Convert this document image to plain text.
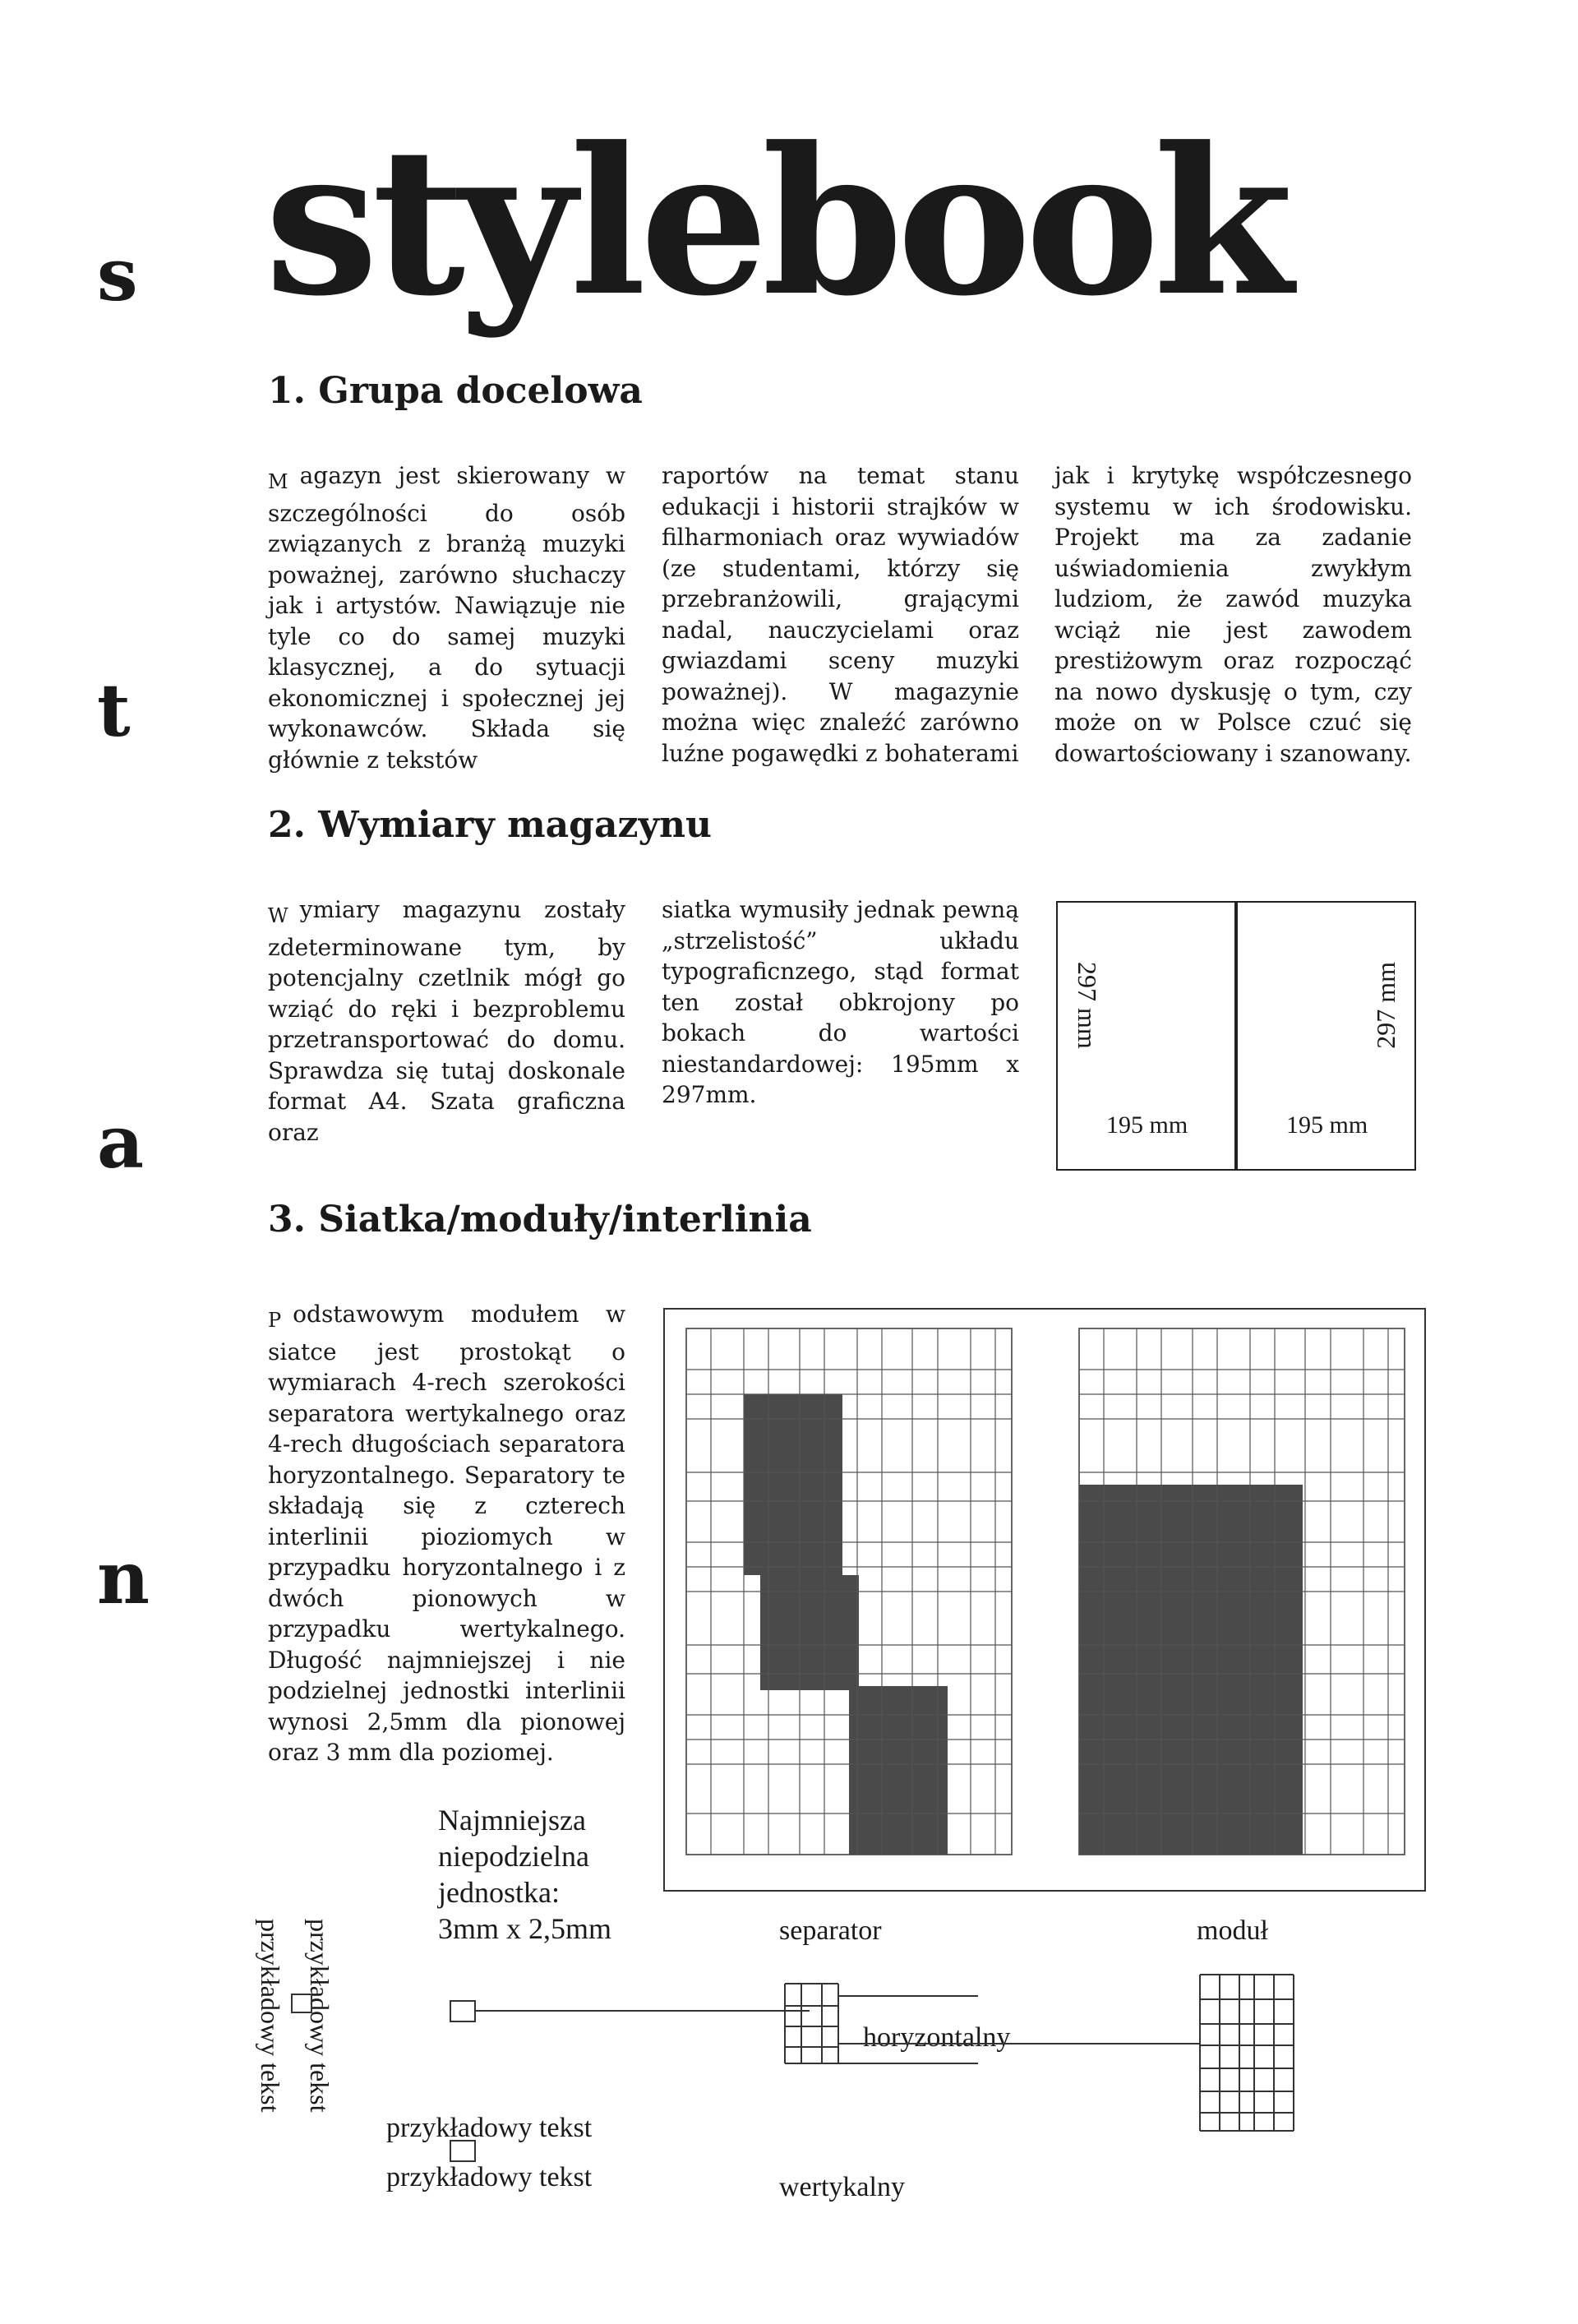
s
t
a
n
stylebook
1. Grupa docelowa
M agazyn jest skierowany w szczególności do osób związanych z branżą muzyki poważnej, zarówno słuchaczy jak i artystów. Nawiązuje nie tyle co do samej muzyki klasycznej, a do sytuacji ekonomicznej i społecznej jej wykonawców. Składa się głównie z tekstów
raportów na temat stanu edukacji i historii strajków w filharmoniach oraz wywiadów (ze studentami, którzy się przebranżowili, grającymi nadal, nauczycielami oraz gwiazdami sceny muzyki poważnej). W magazynie można więc znaleźć zarówno luźne pogawędki z bohaterami
jak i krytykę współczesnego systemu w ich środowisku. Projekt ma za zadanie uświadomienia zwykłym ludziom, że zawód muzyka wciąż nie jest zawodem prestiżowym oraz rozpocząć na nowo dyskusję o tym, czy może on w Polsce czuć się dowartościowany i szanowany.
2. Wymiary magazynu
W ymiary magazynu zostały zdeterminowane tym, by potencjalny czetlnik mógł go wziąć do ręki i bezproblemu przetransportować do domu. Sprawdza się tutaj doskonale format A4. Szata graficzna oraz
siatka wymusiły jednak pewną „strzelistość” układu typograficnzego, stąd format ten został obkrojony po bokach do wartości niestandardowej: 195mm x 297mm.
297 mm	297 mm
195 mm	195 mm
3. Siatka/moduły/interlinia
P odstawowym modułem w siatce jest prostokąt o wymiarach 4-rech szerokości separatora wertykalnego oraz 4-rech długościach separatora horyzontalnego. Separatory te składają się z czterech interlinii pioziomych w przypadku horyzontalnego i z dwóch pionowych w przypadku wertykalnego. Długość najmniejszej i nie podzielnej jednostki interlinii wynosi 2,5mm dla pionowej oraz 3 mm dla poziomej.
Najmniejsza
niepodzielna
jednostka:
3mm x 2,5mm	separator	moduł
horyzontalny
wertykalny
przykładowy tekst
przykładowy tekst
przykładowy tekst przykładowy tekst
